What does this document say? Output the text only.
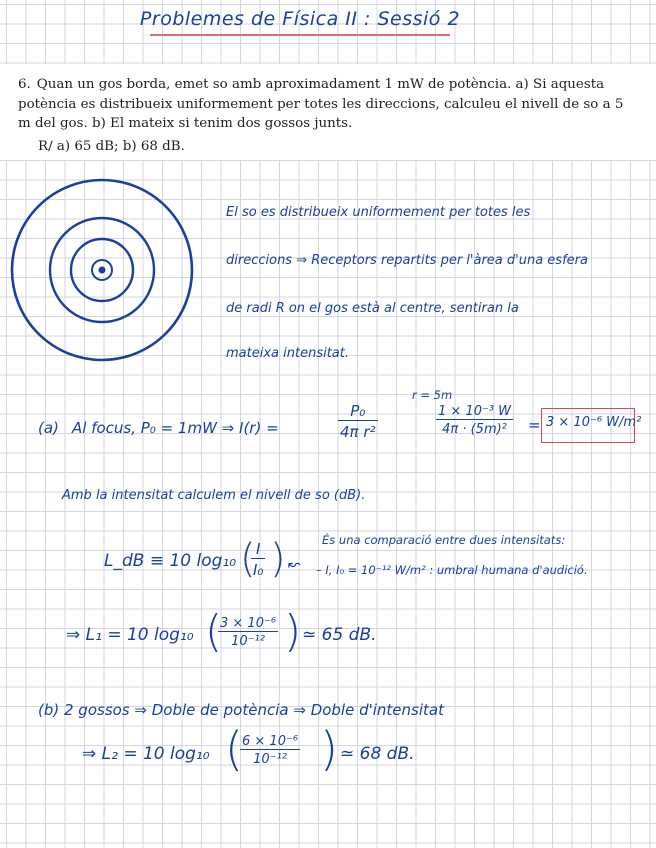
Problemes de Física II : Sessió 2
6. Quan un gos borda, emet so amb aproximadament 1 mW de potència. a) Si aquesta potència es distribueix uniformement per totes les direccions, calculeu el nivell de so a 5 m del gos. b) El mateix si tenim dos gossos junts.
R/ a) 65 dB; b) 68 dB.
El so es distribueix uniformement per totes les
direccions ⇒ Receptors repartits per l'àrea d'una esfera
de radi R on el gos està al centre, sentiran la
mateixa intensitat.
(a) Al focus, P₀ = 1mW ⇒ I(r) =	$\frac{\text{P₀}}{\text{4π r²}}$
r = 5m
$\frac{\text{1 × 10⁻³ W}}{\text{4π · (5m)²}} = 3 \times 10^{-6}$ W/m²
Amb la intensitat calculem el nivell de so (dB).
L_dB ≡ 10 log₁₀ (
$\frac{I}{\text{I₀}}$ ) ↜
És una comparació entre dues intensitats:
– I, I₀ = 10⁻¹² W/m² : umbral humana d'audició.
⇒ L₁ = 10 log₁₀ (
$\frac{\text{3 × 10⁻⁶}}{\text{10⁻¹²}}$ ) ≃ 65 dB.
(b) 2 gossos ⇒ Doble de potència ⇒ Doble d'intensitat
⇒ L₂ = 10 log₁₀ (
$\frac{\text{6 × 10⁻⁶}}{\text{10⁻¹²}}$ ) ≃ 68 dB.
